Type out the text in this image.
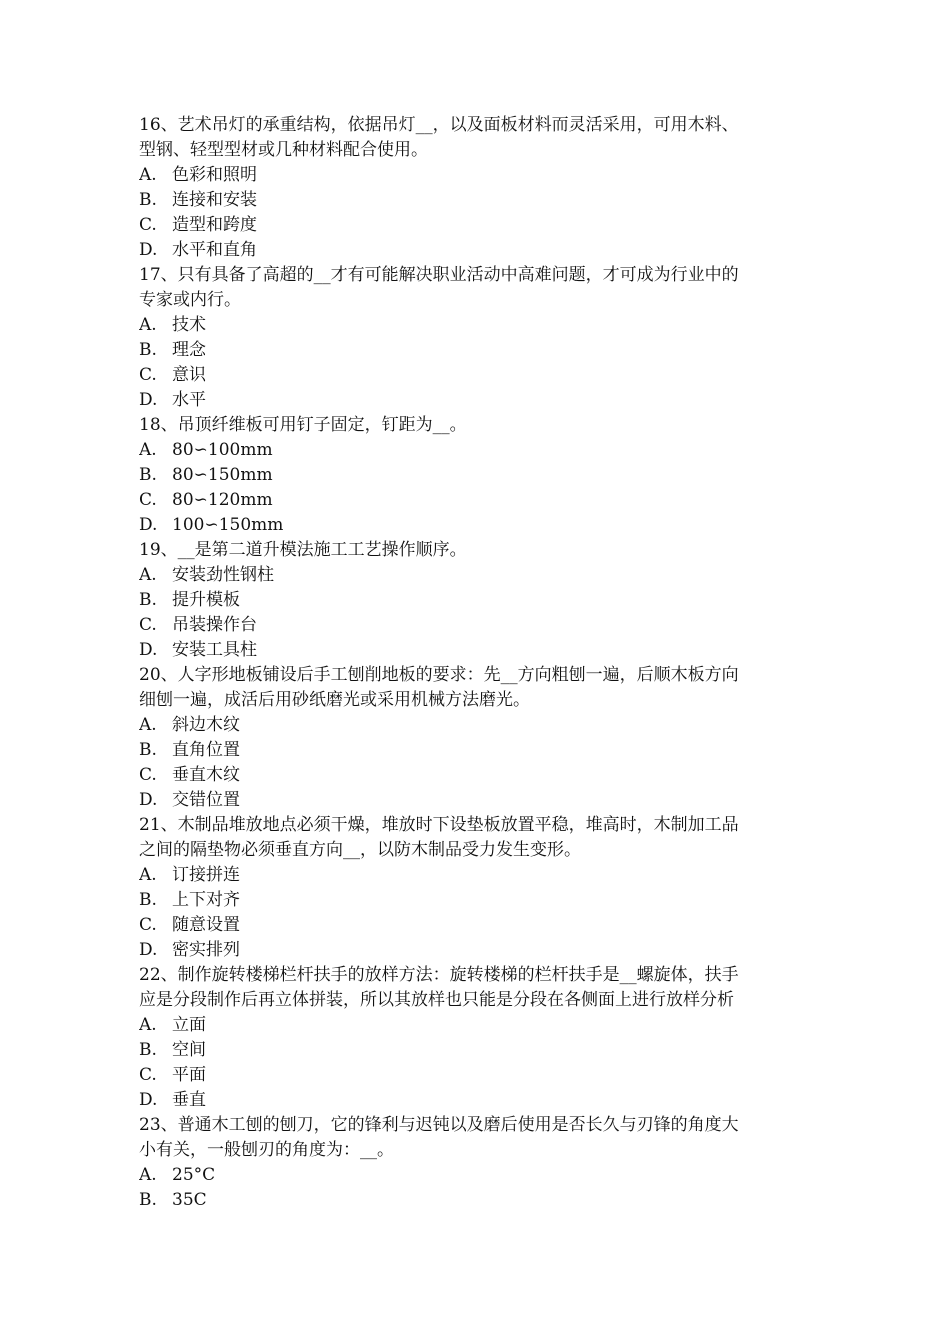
16、艺术吊灯的承重结构，依据吊灯__，以及面板材料而灵活采用，可用木料、
型钢、轻型型材或几种材料配合使用。
A. 色彩和照明
B. 连接和安装
C. 造型和跨度
D. 水平和直角
17、只有具备了高超的__才有可能解决职业活动中高难问题，才可成为行业中的
专家或内行。
A. 技术
B. 理念
C. 意识
D. 水平
18、吊顶纤维板可用钉子固定，钉距为__。
A. 80∽100mm
B. 80∽150mm
C. 80∽120mm
D. 100∽150mm
19、__是第二道升模法施工工艺操作顺序。
A. 安装劲性钢柱
B. 提升模板
C. 吊装操作台
D. 安装工具柱
20、人字形地板铺设后手工刨削地板的要求：先__方向粗刨一遍，后顺木板方向
细刨一遍，成活后用砂纸磨光或采用机械方法磨光。
A. 斜边木纹
B. 直角位置
C. 垂直木纹
D. 交错位置
21、木制品堆放地点必须干燥，堆放时下设垫板放置平稳，堆高时，木制加工品
之间的隔垫物必须垂直方向__，以防木制品受力发生变形。
A. 订接拼连
B. 上下对齐
C. 随意设置
D. 密实排列
22、制作旋转楼梯栏杆扶手的放样方法：旋转楼梯的栏杆扶手是__螺旋体，扶手
应是分段制作后再立体拼装，所以其放样也只能是分段在各侧面上进行放样分析
A. 立面
B. 空间
C. 平面
D. 垂直
23、普通木工刨的刨刀，它的锋利与迟钝以及磨后使用是否长久与刃锋的角度大
小有关，一般刨刃的角度为：__。
A. 25°C
B. 35C
